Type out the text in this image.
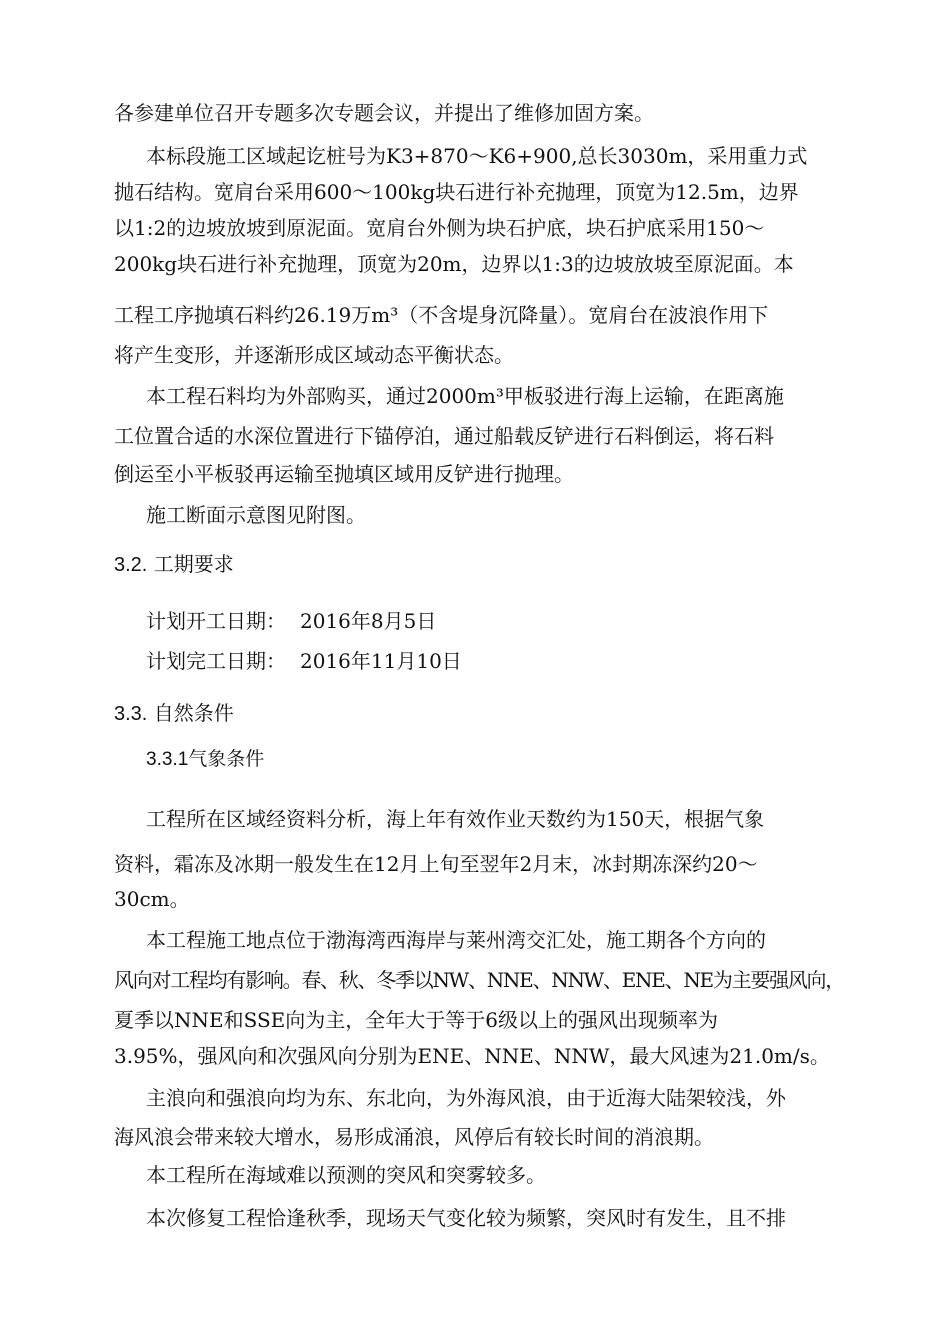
各参建单位召开专题多次专题会议，并提出了维修加固方案。
本标段施工区域起讫桩号为K3+870～K6+900,总长3030m，采用重力式
抛石结构。宽肩台采用600～100kg块石进行补充抛理，顶宽为12.5m，边界
以1:2的边坡放坡到原泥面。宽肩台外侧为块石护底，块石护底采用150～
200kg块石进行补充抛理，顶宽为20m，边界以1:3的边坡放坡至原泥面。本
工程工序抛填石料约26.19万m³（不含堤身沉降量）。宽肩台在波浪作用下
将产生变形，并逐渐形成区域动态平衡状态。
本工程石料均为外部购买，通过2000m³甲板驳进行海上运输，在距离施
工位置合适的水深位置进行下锚停泊，通过船载反铲进行石料倒运，将石料
倒运至小平板驳再运输至抛填区域用反铲进行抛理。
施工断面示意图见附图。
3.2. 工期要求
计划开工日期： 2016年8月5日
计划完工日期： 2016年11月10日
3.3. 自然条件
3.3.1气象条件
工程所在区域经资料分析，海上年有效作业天数约为150天，根据气象
资料，霜冻及冰期一般发生在12月上旬至翌年2月末，冰封期冻深约20～
30cm。
本工程施工地点位于渤海湾西海岸与莱州湾交汇处，施工期各个方向的
风向对工程均有影响。春、秋、冬季以NW、NNE、NNW、ENE、NE为主要强风向，
夏季以NNE和SSE向为主，全年大于等于6级以上的强风出现频率为
3.95%，强风向和次强风向分别为ENE、NNE、NNW，最大风速为21.0m/s。
主浪向和强浪向均为东、东北向，为外海风浪，由于近海大陆架较浅，外
海风浪会带来较大增水，易形成涌浪，风停后有较长时间的消浪期。
本工程所在海域难以预测的突风和突雾较多。
本次修复工程恰逢秋季，现场天气变化较为频繁，突风时有发生，且不排
